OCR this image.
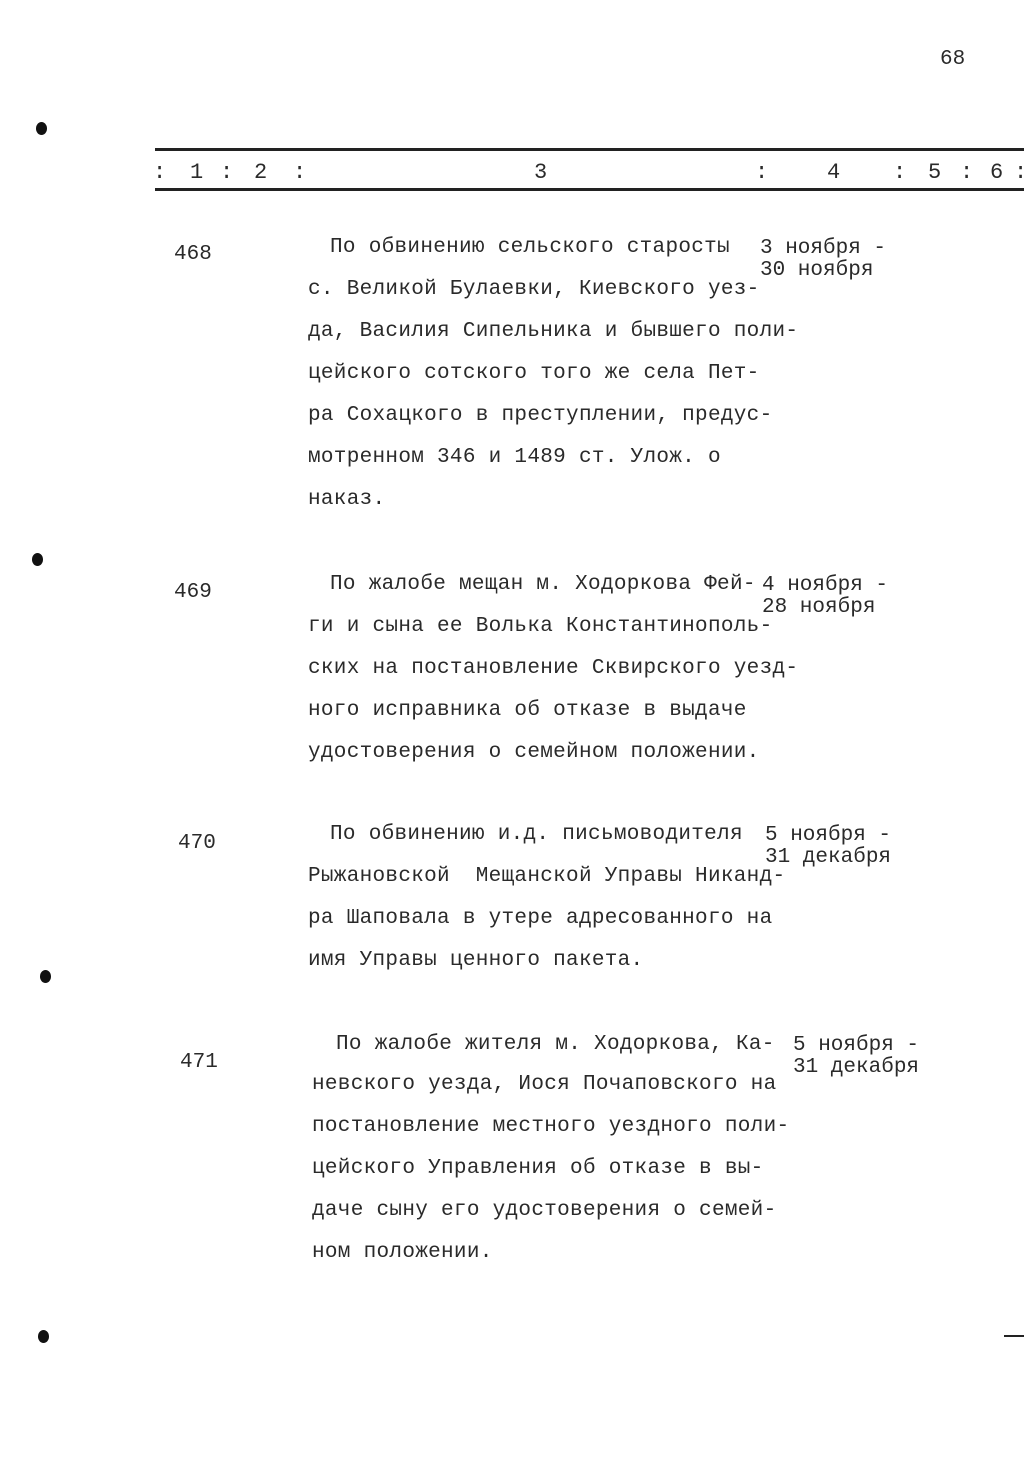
68
: 1 : 2 :	3	:	4 : 5 : 6 :
468	По обвинению сельского старосты
с. Великой Булаевки, Киевского уез-
да, Василия Сипельника и бывшего поли-
цейского сотского того же села Пет-
ра Сохацкого в преступлении, предус-
мотренном 346 и 1489 ст. Улож. о
наказ.
3 ноября -
30 ноября
469	По жалобе мещан м. Ходоркова Фей-
ги и сына ее Волька Константинополь-
ских на постановление Сквирского уезд-
ного исправника об отказе в выдаче
удостоверения о семейном положении.
4 ноября -
28 ноября
470	По обвинению и.д. письмоводителя
Рыжановской  Мещанской Управы Никанд-
ра Шаповала в утере адресованного на
имя Управы ценного пакета.
5 ноября -
31 декабря
471
По жалобе жителя м. Ходоркова, Ка-
невского уезда, Иося Почаповского на
постановление местного уездного поли-
цейского Управления об отказе в вы-
даче сыну его удостоверения о семей-
ном положении.
5 ноября -
31 декабря
